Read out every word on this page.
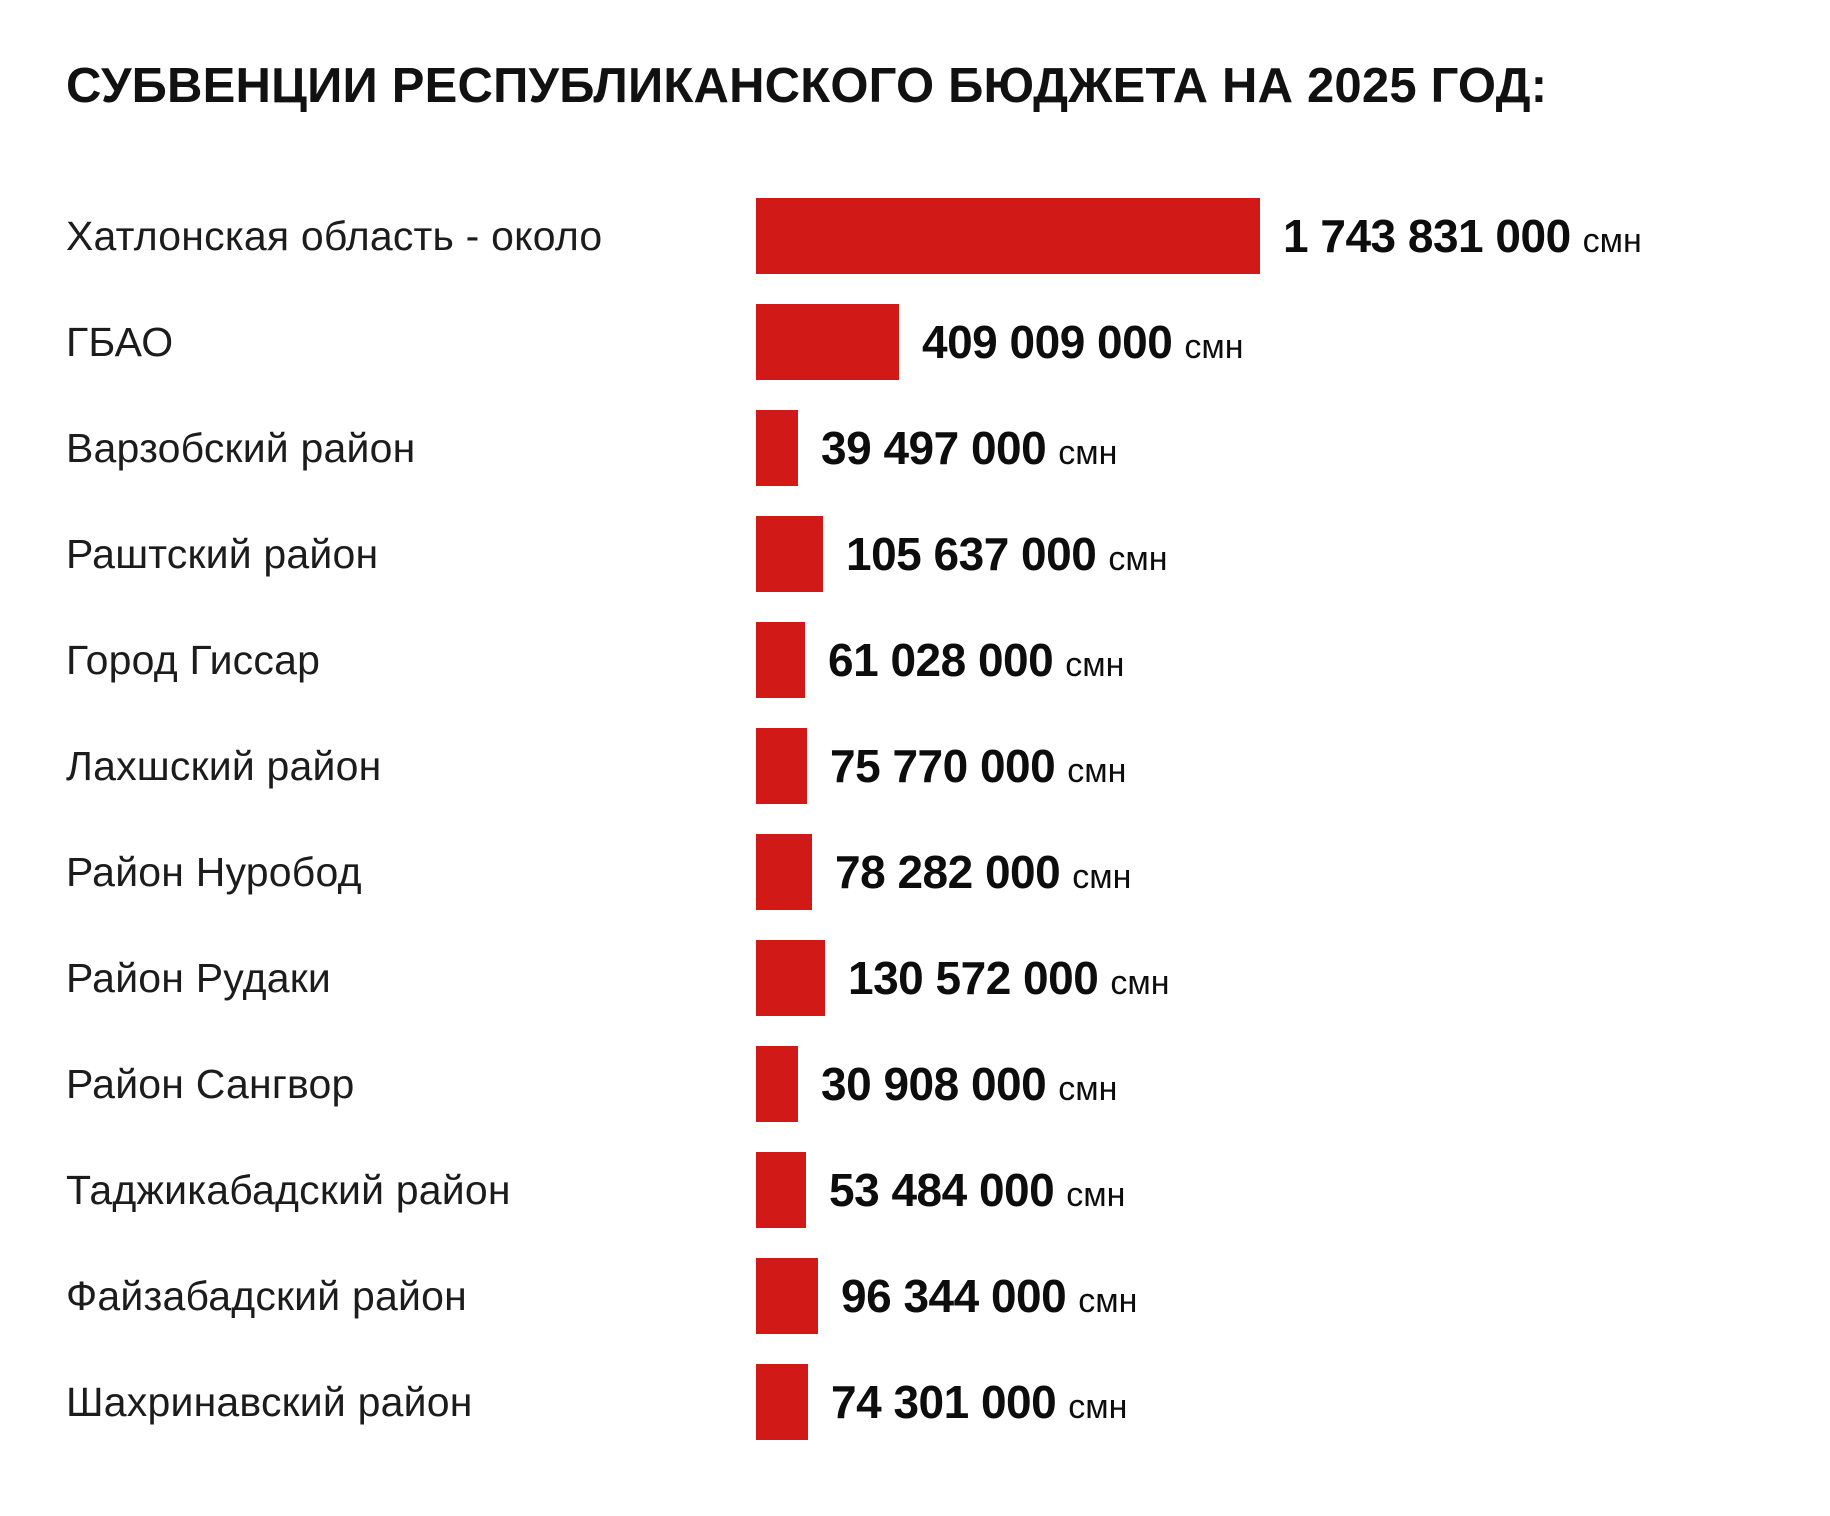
СУБВЕНЦИИ РЕСПУБЛИКАНСКОГО БЮДЖЕТА НА 2025 ГОД:
Хатлонская область - около	1 743 831 000 смн
ГБАО	409 009 000 смн
Варзобский район	39 497 000 смн
Раштский район	105 637 000 смн
Город Гиссар	61 028 000 смн
Лахшский район	75 770 000 смн
Район Нуробод	78 282 000 смн
Район Рудаки	130 572 000 смн
Район Сангвор	30 908 000 смн
Таджикабадский район	53 484 000 смн
Файзабадский район	96 344 000 смн
Шахринавский район	74 301 000 смн
